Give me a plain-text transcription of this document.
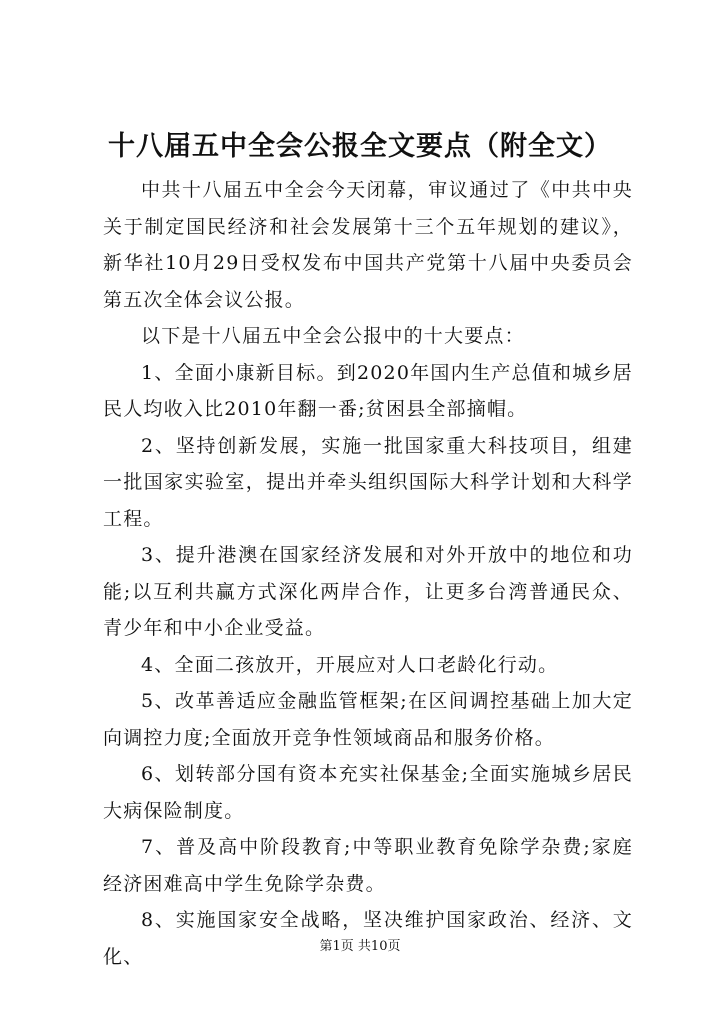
十八届五中全会公报全文要点（附全文）

中共十八届五中全会今天闭幕，审议通过了《中共中央关于制定国民经济和社会发展第十三个五年规划的建议》，新华社10月29日受权发布中国共产党第十八届中央委员会第五次全体会议公报。

以下是十八届五中全会公报中的十大要点：

1、全面小康新目标。到2020年国内生产总值和城乡居民人均收入比2010年翻一番;贫困县全部摘帽。

2、坚持创新发展，实施一批国家重大科技项目，组建一批国家实验室，提出并牵头组织国际大科学计划和大科学工程。

3、提升港澳在国家经济发展和对外开放中的地位和功能;以互利共赢方式深化两岸合作，让更多台湾普通民众、青少年和中小企业受益。

4、全面二孩放开，开展应对人口老龄化行动。

5、改革善适应金融监管框架;在区间调控基础上加大定向调控力度;全面放开竞争性领域商品和服务价格。

6、划转部分国有资本充实社保基金;全面实施城乡居民大病保险制度。

7、普及高中阶段教育;中等职业教育免除学杂费;家庭经济困难高中学生免除学杂费。

8、实施国家安全战略，坚决维护国家政治、经济、文化、	第1页 共10页
